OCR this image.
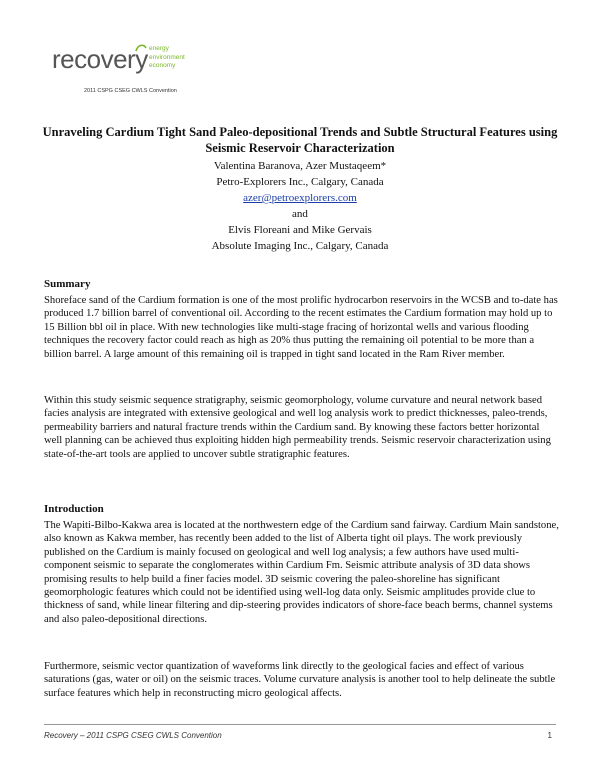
recovery energy
environment
economy
2011 CSPG CSEG CWLS Convention
Unraveling Cardium Tight Sand Paleo-depositional Trends and Subtle Structural Features using Seismic Reservoir Characterization
Valentina Baranova, Azer Mustaqeem*
Petro-Explorers Inc., Calgary, Canada
azer@petroexplorers.com
and
Elvis Floreani and Mike Gervais
Absolute Imaging Inc., Calgary, Canada
Summary
Shoreface sand of the Cardium formation is one of the most prolific hydrocarbon reservoirs in the WCSB and to-date has produced 1.7 billion barrel of conventional oil. According to the recent estimates the Cardium formation may hold up to 15 Billion bbl oil in place. With new technologies like multi-stage fracing of horizontal wells and various flooding techniques the recovery factor could reach as high as 20% thus putting the remaining oil potential to be more than a billion barrel. A large amount of this remaining oil is trapped in tight sand located in the Ram River member.
Within this study seismic sequence stratigraphy, seismic geomorphology, volume curvature and neural network based facies analysis are integrated with extensive geological and well log analysis work to predict thicknesses, paleo-trends, permeability barriers and natural fracture trends within the Cardium sand. By knowing these factors better horizontal well planning can be achieved thus exploiting hidden high permeability trends. Seismic reservoir characterization using state-of-the-art tools are applied to uncover subtle stratigraphic features.
Introduction
The Wapiti-Bilbo-Kakwa area is located at the northwestern edge of the Cardium sand fairway. Cardium Main sandstone, also known as Kakwa member, has recently been added to the list of Alberta tight oil plays. The work previously published on the Cardium is mainly focused on geological and well log analysis; a few authors have used multi-component seismic to separate the conglomerates within Cardium Fm. Seismic attribute analysis of 3D data shows promising results to help build a finer facies model. 3D seismic covering the paleo-shoreline has significant geomorphologic features which could not be identified using well-log data only. Seismic amplitudes provide clue to thickness of sand, while linear filtering and dip-steering provides indicators of shore-face beach berms, channel systems and also paleo-depositional directions.
Furthermore, seismic vector quantization of waveforms link directly to the geological facies and effect of various saturations (gas, water or oil) on the seismic traces. Volume curvature analysis is another tool to help delineate the subtle surface features which help in reconstructing micro geological affects.
Recovery – 2011 CSPG CSEG CWLS Convention	1
